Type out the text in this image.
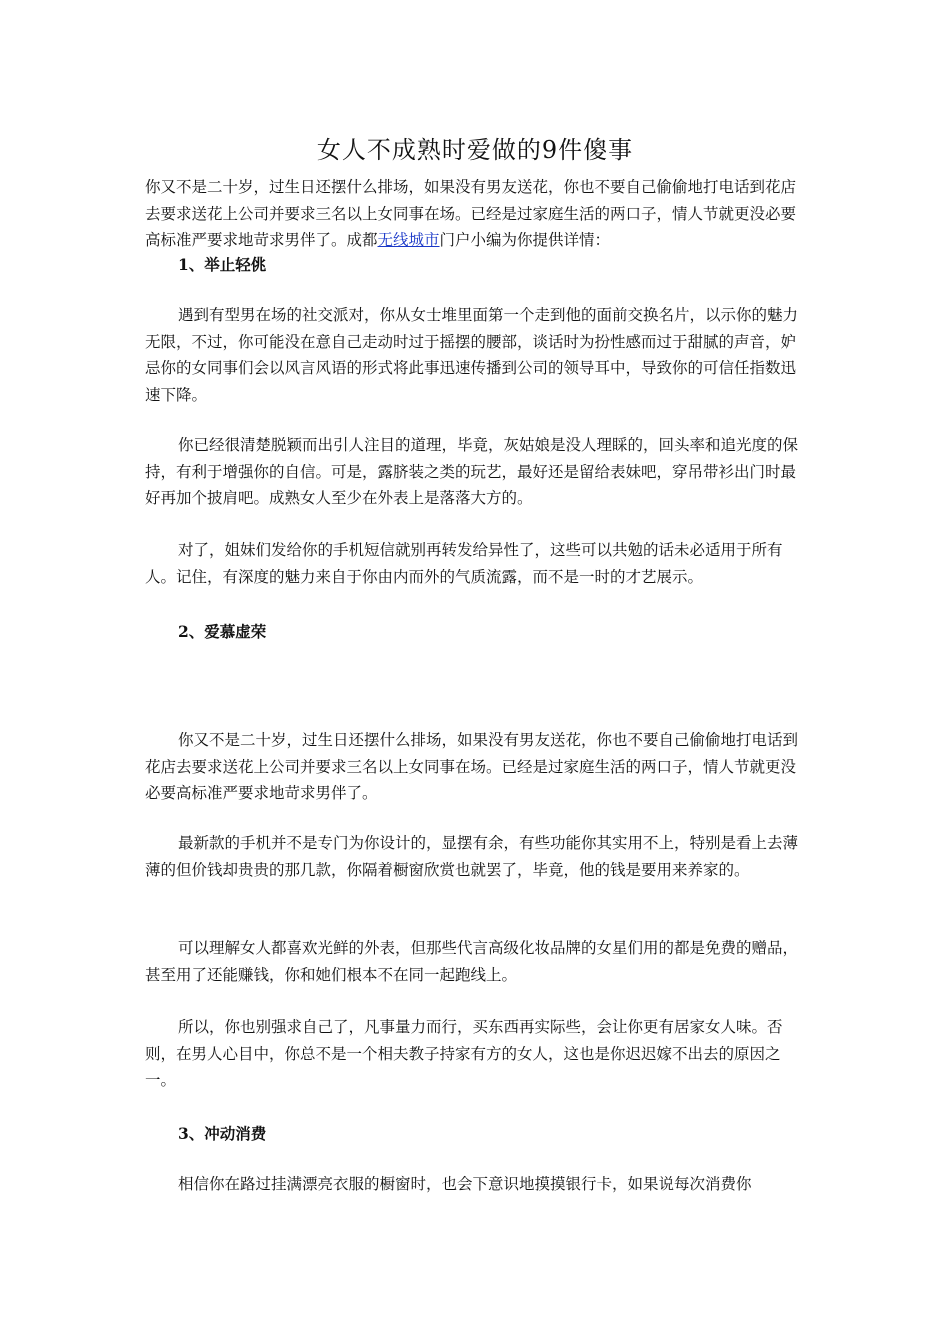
女人不成熟时爱做的9件傻事

你又不是二十岁，过生日还摆什么排场，如果没有男友送花，你也不要自己偷偷地打电话到花店去要求送花上公司并要求三名以上女同事在场。已经是过家庭生活的两口子，情人节就更没必要高标准严要求地苛求男伴了。成都无线城市门户小编为你提供详情：

1、举止轻佻

遇到有型男在场的社交派对，你从女士堆里面第一个走到他的面前交换名片，以示你的魅力无限，不过，你可能没在意自己走动时过于摇摆的腰部，谈话时为扮性感而过于甜腻的声音，妒忌你的女同事们会以风言风语的形式将此事迅速传播到公司的领导耳中，导致你的可信任指数迅速下降。

你已经很清楚脱颖而出引人注目的道理，毕竟，灰姑娘是没人理睬的，回头率和追光度的保持，有利于增强你的自信。可是，露脐装之类的玩艺，最好还是留给表妹吧，穿吊带衫出门时最好再加个披肩吧。成熟女人至少在外表上是落落大方的。

对了，姐妹们发给你的手机短信就别再转发给异性了，这些可以共勉的话未必适用于所有人。记住，有深度的魅力来自于你由内而外的气质流露，而不是一时的才艺展示。

2、爱慕虚荣

你又不是二十岁，过生日还摆什么排场，如果没有男友送花，你也不要自己偷偷地打电话到花店去要求送花上公司并要求三名以上女同事在场。已经是过家庭生活的两口子，情人节就更没必要高标准严要求地苛求男伴了。

最新款的手机并不是专门为你设计的，显摆有余，有些功能你其实用不上，特别是看上去薄薄的但价钱却贵贵的那几款，你隔着橱窗欣赏也就罢了，毕竟，他的钱是要用来养家的。

可以理解女人都喜欢光鲜的外表，但那些代言高级化妆品牌的女星们用的都是免费的赠品，甚至用了还能赚钱，你和她们根本不在同一起跑线上。

所以，你也别强求自己了，凡事量力而行，买东西再实际些，会让你更有居家女人味。否则，在男人心目中，你总不是一个相夫教子持家有方的女人，这也是你迟迟嫁不出去的原因之一。

3、冲动消费

相信你在路过挂满漂亮衣服的橱窗时，也会下意识地摸摸银行卡，如果说每次消费你
